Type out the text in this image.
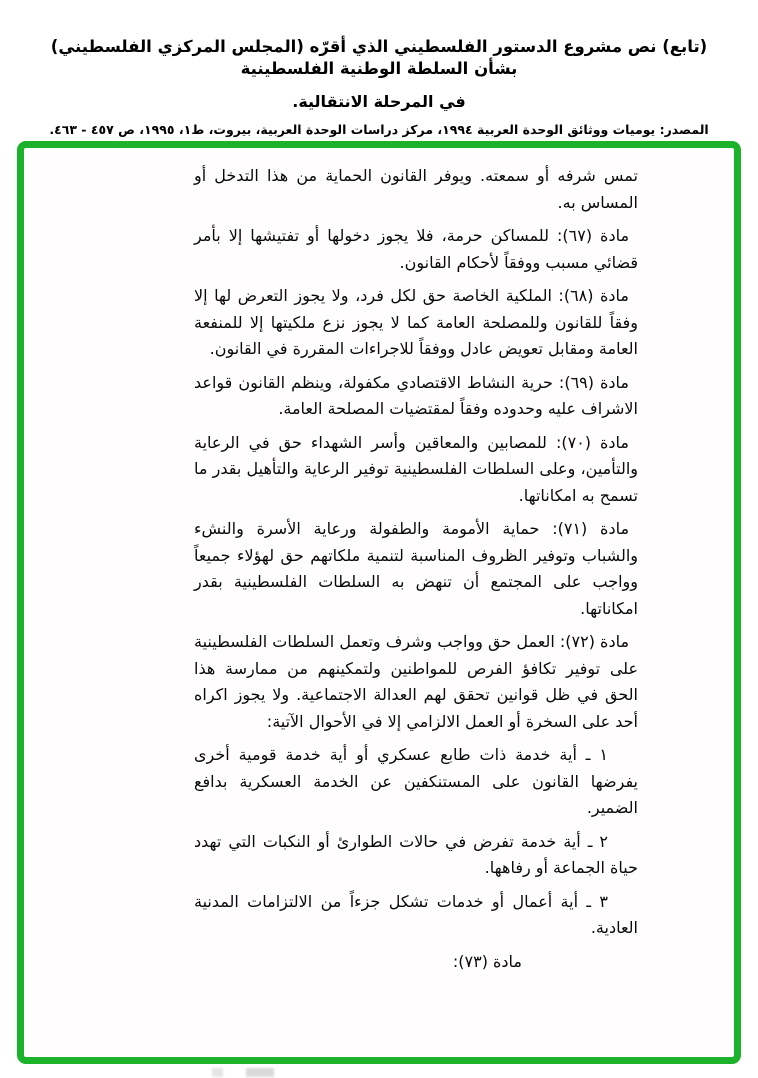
(تابع) نص مشروع الدستور الفلسطيني الذي أقرّه (المجلس المركزي الفلسطيني) بشأن السلطة الوطنية الفلسطينية
في المرحلة الانتقالية.
المصدر: يوميات ووثائق الوحدة العربية ١٩٩٤، مركز دراسات الوحدة العربية، بيروت، ط١، ١٩٩٥، ص ٤٥٧ - ٤٦٣.

تمس شرفه أو سمعته. ويوفر القانون الحماية من هذا التدخل أو المساس به.

مادة (٦٧): للمساكن حرمة، فلا يجوز دخولها أو تفتيشها إلا بأمر قضائي مسبب ووفقاً لأحكام القانون.

مادة (٦٨): الملكية الخاصة حق لكل فرد، ولا يجوز التعرض لها إلا وفقاً للقانون وللمصلحة العامة كما لا يجوز نزع ملكيتها إلا للمنفعة العامة ومقابل تعويض عادل ووفقاً للاجراءات المقررة في القانون.

مادة (٦٩): حرية النشاط الاقتصادي مكفولة، وينظم القانون قواعد الاشراف عليه وحدوده وفقاً لمقتضيات المصلحة العامة.

مادة (٧٠): للمصابين والمعاقين وأسر الشهداء حق في الرعاية والتأمين، وعلى السلطات الفلسطينية توفير الرعاية والتأهيل بقدر ما تسمح به امكاناتها.

مادة (٧١): حماية الأمومة والطفولة ورعاية الأسرة والنشء والشباب وتوفير الظروف المناسبة لتنمية ملكاتهم حق لهؤلاء جميعاً وواجب على المجتمع أن تنهض به السلطات الفلسطينية بقدر امكاناتها.

مادة (٧٢): العمل حق وواجب وشرف وتعمل السلطات الفلسطينية على توفير تكافؤ الفرص للمواطنين ولتمكينهم من ممارسة هذا الحق في ظل قوانين تحقق لهم العدالة الاجتماعية. ولا يجوز اكراه أحد على السخرة أو العمل الالزامي إلا في الأحوال الآتية:

١ ـ أية خدمة ذات طابع عسكري أو أية خدمة قومية أخرى يفرضها القانون على المستنكفين عن الخدمة العسكرية بدافع الضمير.

٢ ـ أية خدمة تفرض في حالات الطوارئ أو النكبات التي تهدد حياة الجماعة أو رفاهها.

٣ ـ أية أعمال أو خدمات تشكل جزءاً من الالتزامات المدنية العادية.

مادة (٧٣):
